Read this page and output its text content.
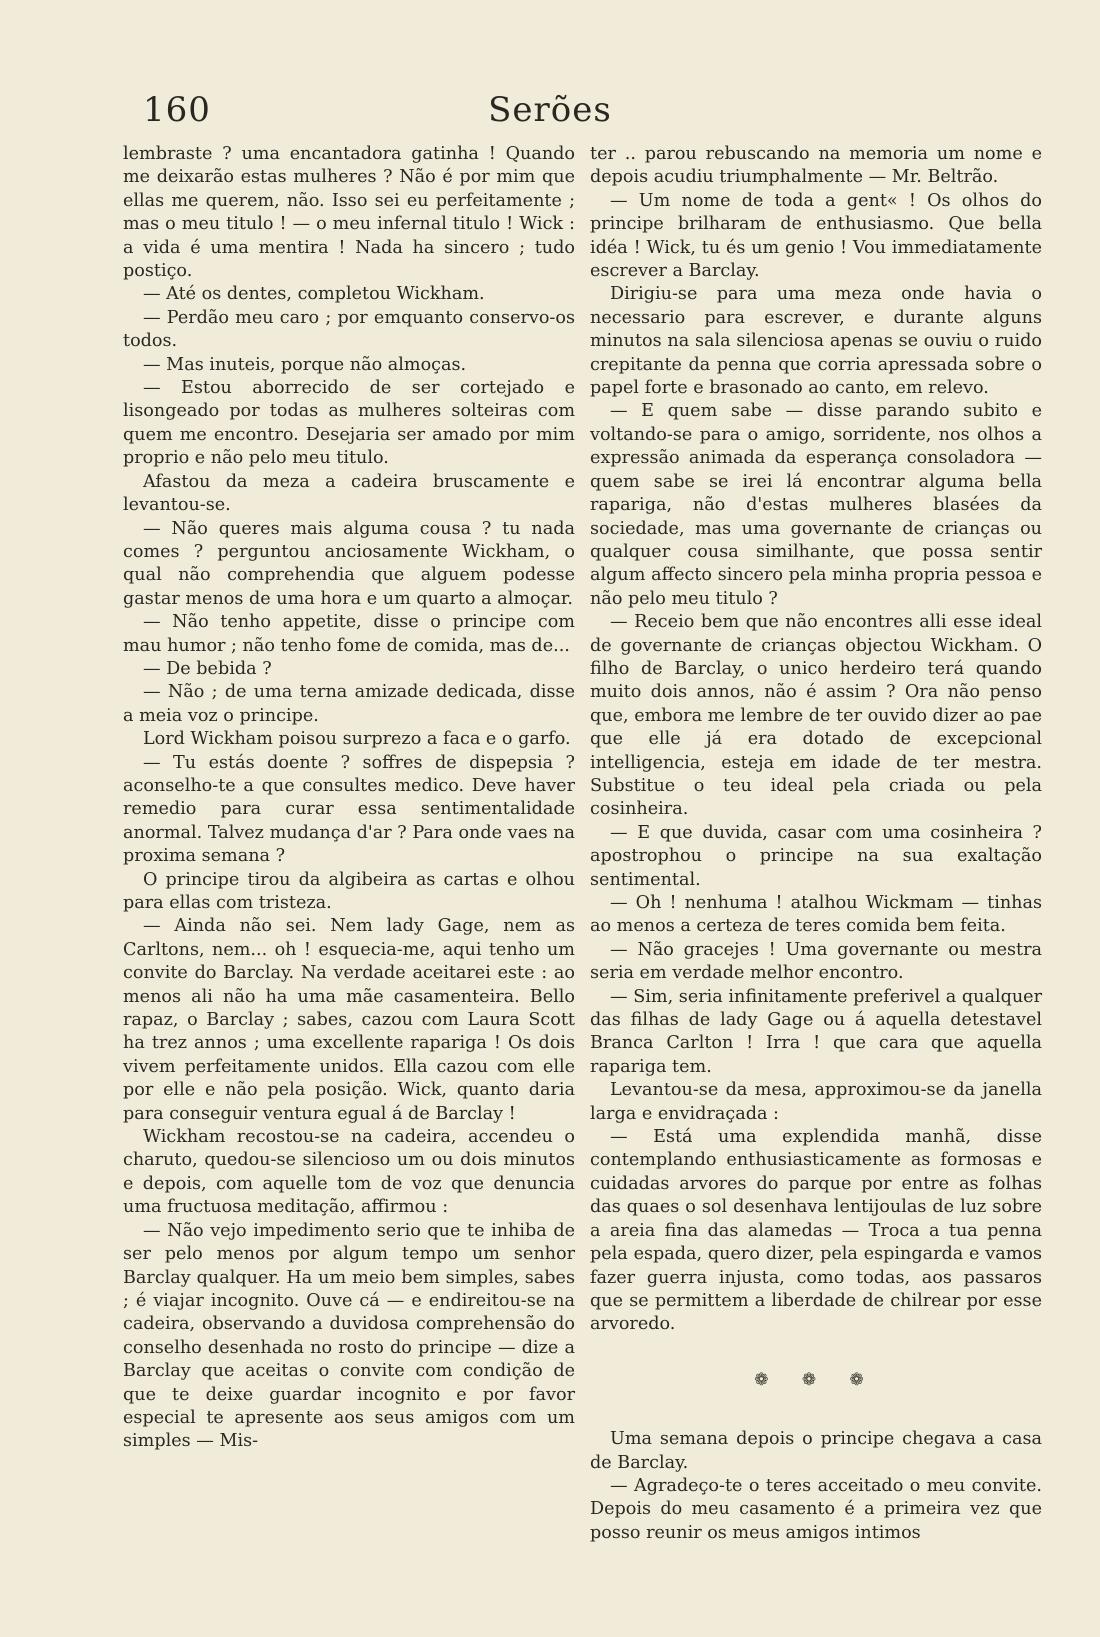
160	Serões

lembraste ? uma encantadora gatinha ! Quando me deixarão estas mulheres ? Não é por mim que ellas me querem, não. Isso sei eu perfeitamente ; mas o meu titulo ! — o meu infernal titulo ! Wick : a vida é uma mentira ! Nada ha sincero ; tudo postiço.

— Até os dentes, completou Wickham.

— Perdão meu caro ; por emquanto conservo-os todos.

— Mas inuteis, porque não almoças.

— Estou aborrecido de ser cortejado e lisongeado por todas as mulheres solteiras com quem me encontro. Desejaria ser amado por mim proprio e não pelo meu titulo.

Afastou da meza a cadeira bruscamente e levantou-se.

— Não queres mais alguma cousa ? tu nada comes ? perguntou anciosamente Wickham, o qual não comprehendia que alguem podesse gastar menos de uma hora e um quarto a almoçar.

— Não tenho appetite, disse o principe com mau humor ; não tenho fome de comida, mas de...

— De bebida ?

— Não ; de uma terna amizade dedicada, disse a meia voz o principe.

Lord Wickham poisou surprezo a faca e o garfo.

— Tu estás doente ? soffres de dispepsia ? aconselho-te a que consultes medico. Deve haver remedio para curar essa sentimentalidade anormal. Talvez mudança d'ar ? Para onde vaes na proxima semana ?

O principe tirou da algibeira as cartas e olhou para ellas com tristeza.

— Ainda não sei. Nem lady Gage, nem as Carltons, nem... oh ! esquecia-me, aqui tenho um convite do Barclay. Na verdade aceitarei este : ao menos ali não ha uma mãe casamenteira. Bello rapaz, o Barclay ; sabes, cazou com Laura Scott ha trez annos ; uma excellente rapariga ! Os dois vivem perfeitamente unidos. Ella cazou com elle por elle e não pela posição. Wick, quanto daria para conseguir ventura egual á de Barclay !

Wickham recostou-se na cadeira, accendeu o charuto, quedou-se silencioso um ou dois minutos e depois, com aquelle tom de voz que denuncia uma fructuosa meditação, affirmou :

— Não vejo impedimento serio que te inhiba de ser pelo menos por algum tempo um senhor Barclay qualquer. Ha um meio bem simples, sabes ; é viajar incognito. Ouve cá — e endireitou-se na cadeira, observando a duvidosa comprehensão do conselho desenhada no rosto do principe — dize a Barclay que aceitas o convite com condição de que te deixe guardar incognito e por favor especial te apresente aos seus amigos com um simples — Mis-

ter .. parou rebuscando na memoria um nome e depois acudiu triumphalmente — Mr. Beltrão.

— Um nome de toda a gent« ! Os olhos do principe brilharam de enthusiasmo. Que bella idéa ! Wick, tu és um genio ! Vou immediatamente escrever a Barclay.

Dirigiu-se para uma meza onde havia o necessario para escrever, e durante alguns minutos na sala silenciosa apenas se ouviu o ruido crepitante da penna que corria apressada sobre o papel forte e brasonado ao canto, em relevo.

— E quem sabe — disse parando subito e voltando-se para o amigo, sorridente, nos olhos a expressão animada da esperança consoladora — quem sabe se irei lá encontrar alguma bella rapariga, não d'estas mulheres blasées da sociedade, mas uma governante de crianças ou qualquer cousa similhante, que possa sentir algum affecto sincero pela minha propria pessoa e não pelo meu titulo ?

— Receio bem que não encontres alli esse ideal de governante de crianças objectou Wickham. O filho de Barclay, o unico herdeiro terá quando muito dois annos, não é assim ? Ora não penso que, embora me lembre de ter ouvido dizer ao pae que elle já era dotado de excepcional intelligencia, esteja em idade de ter mestra. Substitue o teu ideal pela criada ou pela cosinheira.

— E que duvida, casar com uma cosinheira ? apostrophou o principe na sua exaltação sentimental.

— Oh ! nenhuma ! atalhou Wickmam — tinhas ao menos a certeza de teres comida bem feita.

— Não gracejes ! Uma governante ou mestra seria em verdade melhor encontro.

— Sim, seria infinitamente preferivel a qualquer das filhas de lady Gage ou á aquella detestavel Branca Carlton ! Irra ! que cara que aquella rapariga tem.

Levantou-se da mesa, approximou-se da janella larga e envidraçada :

— Está uma explendida manhã, disse contemplando enthusiasticamente as formosas e cuidadas arvores do parque por entre as folhas das quaes o sol desenhava lentijoulas de luz sobre a areia fina das alamedas — Troca a tua penna pela espada, quero dizer, pela espingarda e vamos fazer guerra injusta, como todas, aos passaros que se permittem a liberdade de chilrear por esse arvoredo.

❁ ❁ ❁

Uma semana depois o principe chegava a casa de Barclay.

— Agradeço-te o teres acceitado o meu convite. Depois do meu casamento é a primeira vez que posso reunir os meus amigos intimos
